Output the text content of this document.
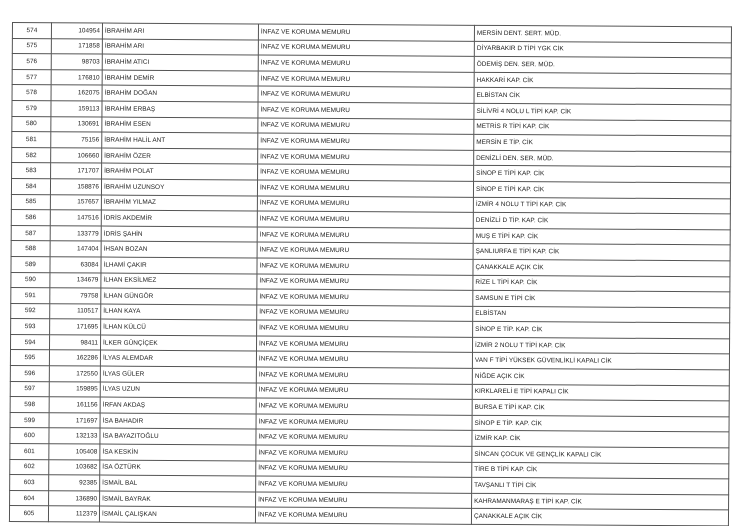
574	104954	İBRAHİM ARI	İNFAZ VE KORUMA MEMURU	MERSİN DENT. SERT. MÜD.
575	171858	İBRAHİM ARI	İNFAZ VE KORUMA MEMURU	DİYARBAKIR D TİPİ YGK CİK
576	98703	İBRAHİM ATICI	İNFAZ VE KORUMA MEMURU	ÖDEMİŞ DEN. SER. MÜD.
577	176810	İBRAHİM DEMİR	İNFAZ VE KORUMA MEMURU	HAKKARİ KAP. CİK
578	162075	İBRAHİM DOĞAN	İNFAZ VE KORUMA MEMURU	ELBİSTAN CİK
579	159113	İBRAHİM ERBAŞ	İNFAZ VE KORUMA MEMURU	SİLİVRİ 4 NOLU L TİPİ KAP. CİK
580	130691	İBRAHİM ESEN	İNFAZ VE KORUMA MEMURU	METRİS R TİPİ KAP. CİK
581	75156	İBRAHİM HALİL ANT	İNFAZ VE KORUMA MEMURU	MERSİN E TİP. CİK
582	106660	İBRAHİM ÖZER	İNFAZ VE KORUMA MEMURU	DENİZLİ DEN. SER. MÜD.
583	171707	İBRAHİM POLAT	İNFAZ VE KORUMA MEMURU	SİNOP E TİPİ KAP. CİK
584	158876	İBRAHİM UZUNSOY	İNFAZ VE KORUMA MEMURU	SİNOP E TİPİ KAP. CİK
585	157657	İBRAHİM YILMAZ	İNFAZ VE KORUMA MEMURU	İZMİR 4 NOLU T TİPİ KAP. CİK
586	147516	İDRİS AKDEMİR	İNFAZ VE KORUMA MEMURU	DENİZLİ D TİP. KAP. CİK
587	133779	İDRİS ŞAHİN	İNFAZ VE KORUMA MEMURU	MUŞ E TİPİ KAP. CİK
588	147404	İHSAN BOZAN	İNFAZ VE KORUMA MEMURU	ŞANLIURFA E TİPİ KAP. CİK
589	63084	İLHAMİ ÇAKIR	İNFAZ VE KORUMA MEMURU	ÇANAKKALE AÇIK CİK
590	134679	İLHAN EKSİLMEZ	İNFAZ VE KORUMA MEMURU	RİZE L TİPİ KAP. CİK
591	79758	İLHAN GÜNGÖR	İNFAZ VE KORUMA MEMURU	SAMSUN E TİPİ CİK
592	110517	İLHAN KAYA	İNFAZ VE KORUMA MEMURU	ELBİSTAN
593	171695	İLHAN KÜLCÜ	İNFAZ VE KORUMA MEMURU	SİNOP E TİP. KAP. CİK
594	98411	İLKER GÜNÇİÇEK	İNFAZ VE KORUMA MEMURU	İZMİR 2 NOLU T TİPİ KAP. CİK
595	162286	İLYAS ALEMDAR	İNFAZ VE KORUMA MEMURU	VAN F TİPİ YÜKSEK GÜVENLİKLİ KAPALI CİK
596	172550	İLYAS GÜLER	İNFAZ VE KORUMA MEMURU	NİĞDE AÇIK CİK
597	159895	İLYAS UZUN	İNFAZ VE KORUMA MEMURU	KIRKLARELİ E TİPİ KAPALI CİK
598	161156	İRFAN AKDAŞ	İNFAZ VE KORUMA MEMURU	BURSA E TİPİ KAP. CİK
599	171697	İSA BAHADIR	İNFAZ VE KORUMA MEMURU	SİNOP E TİP. KAP. CİK
600	132133	İSA BAYAZITOĞLU	İNFAZ VE KORUMA MEMURU	İZMİR KAP. CİK
601	105408	İSA KESKİN	İNFAZ VE KORUMA MEMURU	SİNCAN ÇOCUK VE GENÇLİK KAPALI CİK
602	103682	İSA ÖZTÜRK	İNFAZ VE KORUMA MEMURU	TİRE B TİPİ KAP. CİK
603	92385	İSMAİL BAL	İNFAZ VE KORUMA MEMURU	TAVŞANLI T TİPİ CİK
604	136890	İSMAİL BAYRAK	İNFAZ VE KORUMA MEMURU	KAHRAMANMARAŞ E TİPİ KAP. CİK
605	112379	İSMAİL ÇALIŞKAN	İNFAZ VE KORUMA MEMURU	ÇANAKKALE AÇIK CİK
